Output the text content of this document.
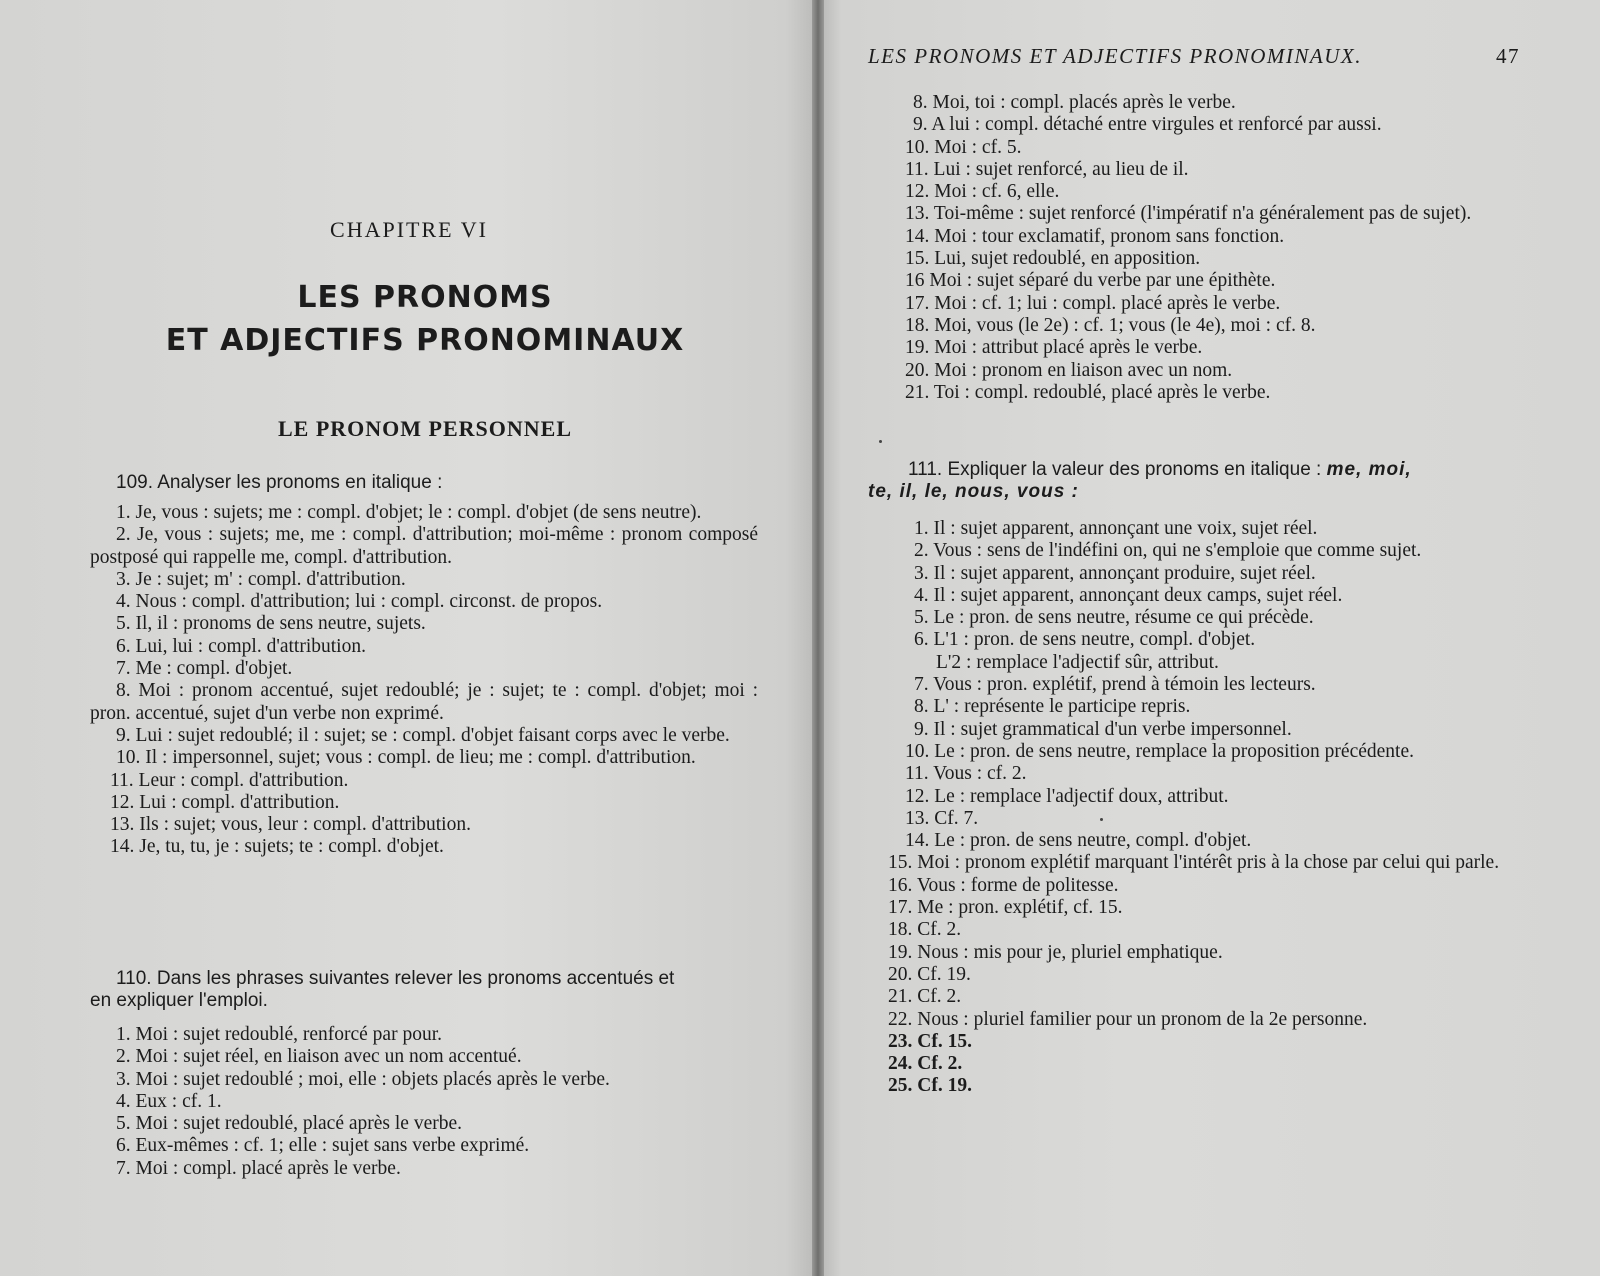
CHAPITRE VI
LES PRONOMS
ET ADJECTIFS PRONOMINAUX
LE PRONOM PERSONNEL
109. Analyser les pronoms en italique :
1. Je, vous : sujets; me : compl. d'objet; le : compl. d'objet (de sens neutre).
2. Je, vous : sujets; me, me : compl. d'attribution; moi-même : pronom composé postposé qui rappelle me, compl. d'attribution.
3. Je : sujet; m' : compl. d'attribution.
4. Nous : compl. d'attribution; lui : compl. circonst. de propos.
5. Il, il : pronoms de sens neutre, sujets.
6. Lui, lui : compl. d'attribution.
7. Me : compl. d'objet.
8. Moi : pronom accentué, sujet redoublé; je : sujet; te : compl. d'objet; moi : pron. accentué, sujet d'un verbe non exprimé.
9. Lui : sujet redoublé; il : sujet; se : compl. d'objet faisant corps avec le verbe.
10. Il : impersonnel, sujet; vous : compl. de lieu; me : compl. d'attribution.
11. Leur : compl. d'attribution.
12. Lui : compl. d'attribution.
13. Ils : sujet; vous, leur : compl. d'attribution.
14. Je, tu, tu, je : sujets; te : compl. d'objet.
110. Dans les phrases suivantes relever les pronoms accentués et
en expliquer l'emploi.
1. Moi : sujet redoublé, renforcé par pour.
2. Moi : sujet réel, en liaison avec un nom accentué.
3. Moi : sujet redoublé ; moi, elle : objets placés après le verbe.
4. Eux : cf. 1.
5. Moi : sujet redoublé, placé après le verbe.
6. Eux-mêmes : cf. 1; elle : sujet sans verbe exprimé.
7. Moi : compl. placé après le verbe.
LES PRONOMS ET ADJECTIFS PRONOMINAUX.	47
8. Moi, toi : compl. placés après le verbe.
9. A lui : compl. détaché entre virgules et renforcé par aussi.
10. Moi : cf. 5.
11. Lui : sujet renforcé, au lieu de il.
12. Moi : cf. 6, elle.
13. Toi-même : sujet renforcé (l'impératif n'a généralement pas de sujet).
14. Moi : tour exclamatif, pronom sans fonction.
15. Lui, sujet redoublé, en apposition.
16 Moi : sujet séparé du verbe par une épithète.
17. Moi : cf. 1; lui : compl. placé après le verbe.
18. Moi, vous (le 2e) : cf. 1; vous (le 4e), moi : cf. 8.
19. Moi : attribut placé après le verbe.
20. Moi : pronom en liaison avec un nom.
21. Toi : compl. redoublé, placé après le verbe.
111. Expliquer la valeur des pronoms en italique : me, moi,
te, il, le, nous, vous :
1. Il : sujet apparent, annonçant une voix, sujet réel.
2. Vous : sens de l'indéfini on, qui ne s'emploie que comme sujet.
3. Il : sujet apparent, annonçant produire, sujet réel.
4. Il : sujet apparent, annonçant deux camps, sujet réel.
5. Le : pron. de sens neutre, résume ce qui précède.
6. L'1 : pron. de sens neutre, compl. d'objet.
L'2 : remplace l'adjectif sûr, attribut.
7. Vous : pron. explétif, prend à témoin les lecteurs.
8. L' : représente le participe repris.
9. Il : sujet grammatical d'un verbe impersonnel.
10. Le : pron. de sens neutre, remplace la proposition précédente.
11. Vous : cf. 2.
12. Le : remplace l'adjectif doux, attribut.
13. Cf. 7.
14. Le : pron. de sens neutre, compl. d'objet.
15. Moi : pronom explétif marquant l'intérêt pris à la chose par celui qui parle.
16. Vous : forme de politesse.
17. Me : pron. explétif, cf. 15.
18. Cf. 2.
19. Nous : mis pour je, pluriel emphatique.
20. Cf. 19.
21. Cf. 2.
22. Nous : pluriel familier pour un pronom de la 2e personne.
23. Cf. 15.
24. Cf. 2.
25. Cf. 19.
